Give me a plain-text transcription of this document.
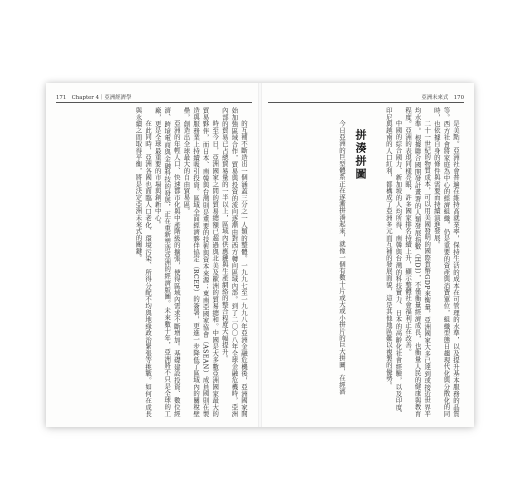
171　Chapter 4｜亞洲經濟學	亞洲未來式　170

是美點。亞洲社會普遍在維持高就業率，保持生活的成本在可管理的水準，以及提升基本服務的品質等。西方社會將家庭為中心的經濟組織，仍是重要的資產與消費單位，組織型態日趨現代化與分散化的同時，也依據自身的條件與需要而持續演進發展。

二十一世紀的物質成本，可以用美國發明的國際貨幣GDP來衡量，亞洲國家大多已達到或接近世界平均水準。根據聯合國開發計畫署的人類發展指數（HDI），不僅衡量經濟成長，也衡量人民的健康與教育程度。亞洲的表現同樣亮眼，許多國家排名持續上升，顯示整體社會福利正在改善。

中國的綜合國力、新加坡的人均所得、南韓與台灣的科技實力、日本的高齡化社會經驗，以及印度、印尼與越南的人口紅利，都構成了亞洲多元而互補的發展面貌，這是其他地區難以複製的優勢。

拼湊拼圖

今日亞洲的巨型體系正在逐漸拼湊起來，就像一個有數十片或大或小拼片的巨大拼圖，在經濟

的互補不斷造出一個涵蓋三分之一人類的整體。一九九七至一九九八年亞洲金融危機後，亞洲國家開始加強區域合作，貿易與投資的流向逐漸由對西方轉向區域內部。到了二〇〇八年全球金融危機時，亞洲內部的貿易已占總貿易量的一半以上，區域內供應鏈與生產網絡的整合程度大幅提升。

時至今日，亞洲國家之間的貿易總額已超過與北美及歐洲的貿易總和。中國是大多數亞洲國家最大的貿易夥伴，而日本、南韓與台灣則是重要的技術與資本來源；東南亞國家協會（ASEAN）成員國則在製造與服務業上持續吸引投資。區域全面經濟夥伴協定（RCEP）的簽署，更進一步降低了區域內的關稅壁壘，創造出全球最大的自由貿易區。

亞洲的年輕人口、快速都市化與中產階級的擴張，使得區域內需求不斷增加。基礎建設投資、數位經濟、跨境電商與金融科技的發展，正在重新塑造亞洲的經濟版圖。未來數十年，亞洲將不只是全球的工廠，更是全球最重要的市場與創新中心。

在此同時，亞洲各國也面臨人口老化、環境污染、所得分配不均與地緣政治緊張等挑戰。如何在成長與永續之間取得平衡，將是決定亞洲未來式的關鍵。
